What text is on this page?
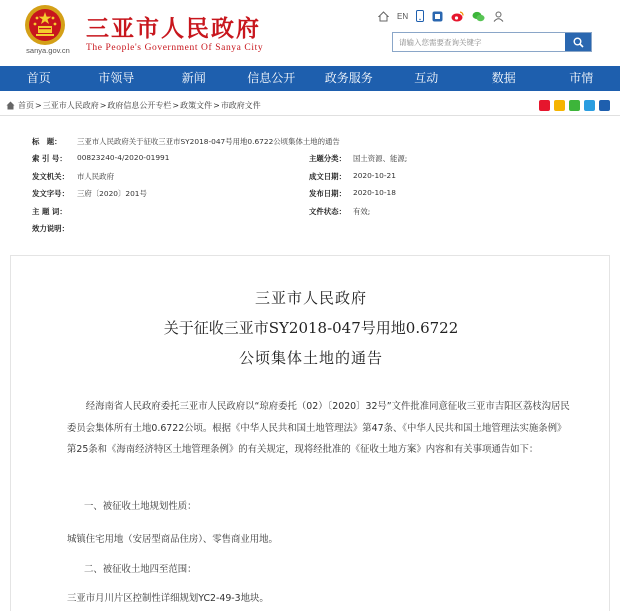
sanya.gov.cn
三亚市人民政府
The People's Government Of Sanya City
EN
请输入您需要查询关键字
首页	市领导	新闻	信息公开	政务服务	互动	数据	市情
首页 > 三亚市人民政府 > 政府信息公开专栏 > 政策文件 > 市政府文件
标　题： 三亚市人民政府关于征收三亚市SY2018-047号用地0.6722公顷集体土地的通告
索 引 号： 00823240-4/2020-01991	主题分类： 国土资源、能源;
发文机关： 市人民政府	成文日期： 2020-10-21
发文字号： 三府〔2020〕201号	发布日期： 2020-10-18
主 题 词：	文件状态： 有效;
效力说明：
三亚市人民政府
关于征收三亚市SY2018-047号用地0.6722
公顷集体土地的通告
经海南省人民政府委托三亚市人民政府以“琼府委托（02）〔2020〕32号”文件批准同意征收三亚市吉阳区荔枝沟居民委员会集体所有土地0.6722公顷。根据《中华人民共和国土地管理法》第47条、《中华人民共和国土地管理法实施条例》第25条和《海南经济特区土地管理条例》的有关规定，现将经批准的《征收土地方案》内容和有关事项通告如下：
一、被征收土地规划性质：
城镇住宅用地（安居型商品住房）、零售商业用地。
二、被征收土地四至范围：
三亚市月川片区控制性详细规划YC2-49-3地块。
